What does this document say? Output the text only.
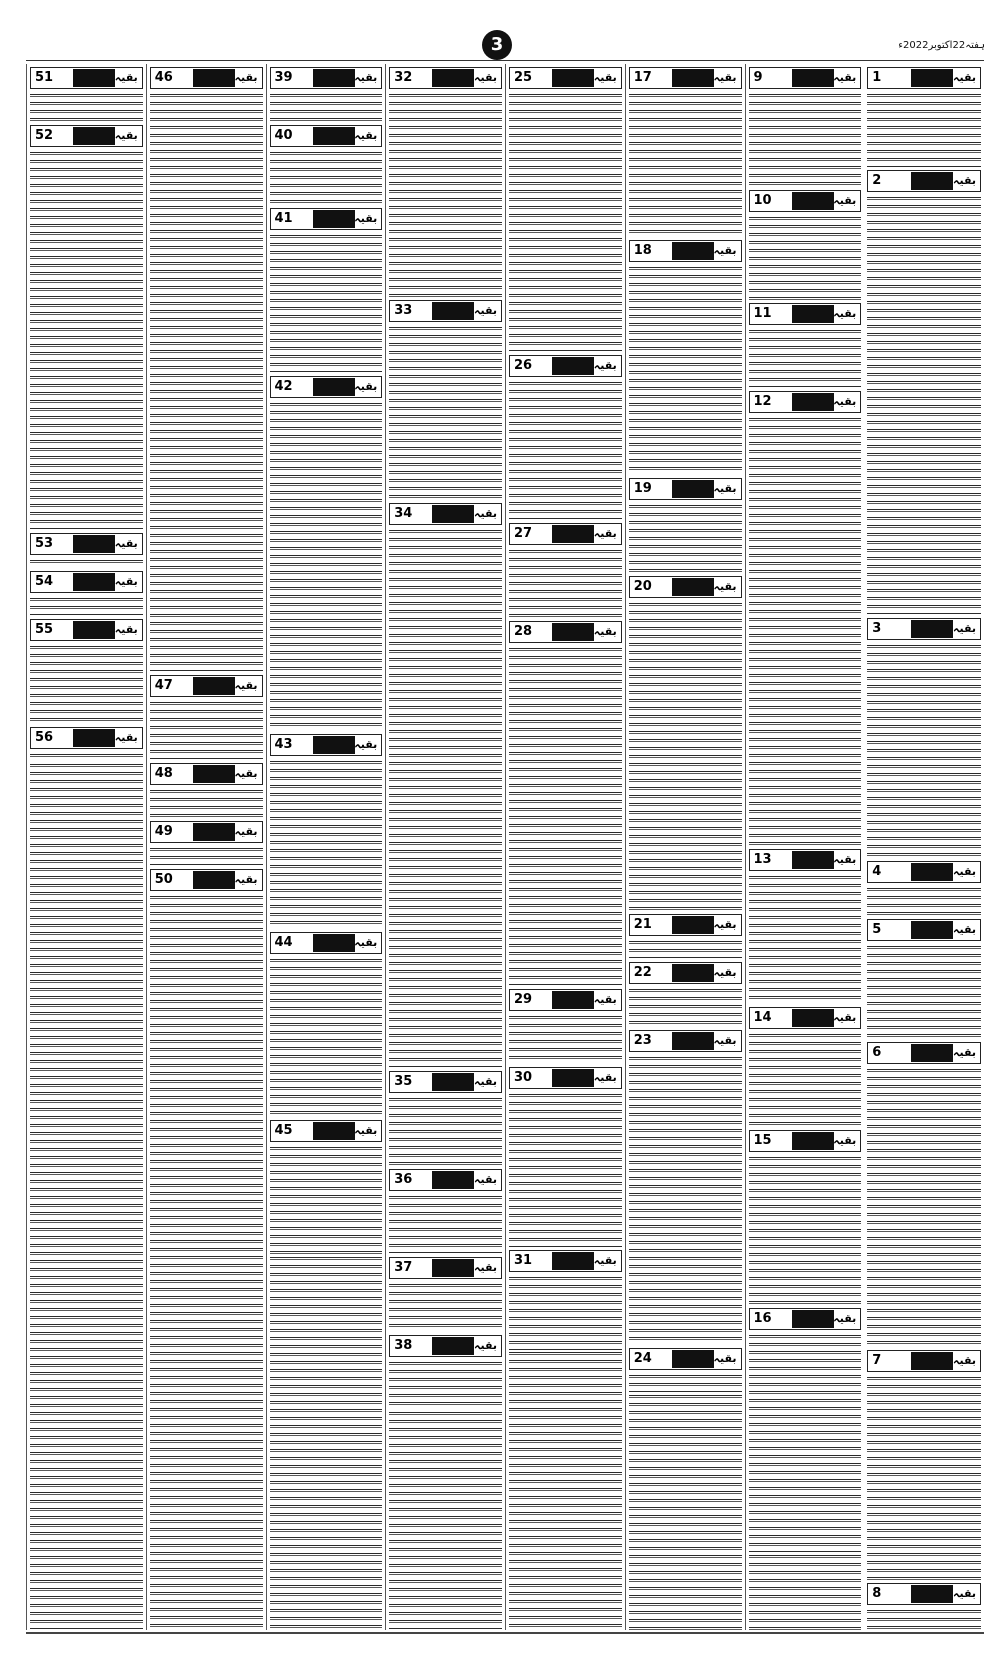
3	ہفتہ22اکتوبر2022ء
1	بقیہ
2	بقیہ
3	بقیہ
4	بقیہ
5	بقیہ
6	بقیہ
7	بقیہ
8	بقیہ
9	بقیہ
10	بقیہ
11	بقیہ
12	بقیہ
13	بقیہ
14	بقیہ
15	بقیہ
16	بقیہ
17	بقیہ
18	بقیہ
19	بقیہ
20	بقیہ
21	بقیہ
22	بقیہ
23	بقیہ
24	بقیہ
25	بقیہ
26	بقیہ
27	بقیہ
28	بقیہ
29	بقیہ
30	بقیہ
31	بقیہ
32	بقیہ
33	بقیہ
34	بقیہ
35	بقیہ
36	بقیہ
37	بقیہ
38	بقیہ
39	بقیہ
40	بقیہ
41	بقیہ
42	بقیہ
43	بقیہ
44	بقیہ
45	بقیہ
46	بقیہ
47	بقیہ
48	بقیہ
49	بقیہ
50	بقیہ
51	بقیہ
52	بقیہ
53	بقیہ
54	بقیہ
55	بقیہ
56	بقیہ
